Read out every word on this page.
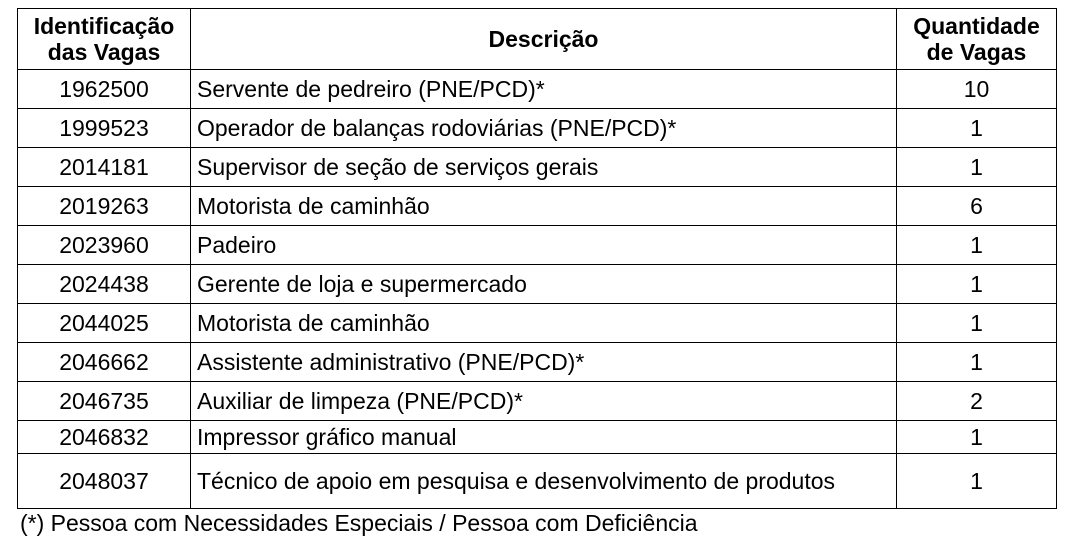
Identificação das Vagas	Descrição	Quantidade de Vagas
1962500	Servente de pedreiro (PNE/PCD)*	10
1999523	Operador de balanças rodoviárias (PNE/PCD)*	1
2014181	Supervisor de seção de serviços gerais	1
2019263	Motorista de caminhão	6
2023960	Padeiro	1
2024438	Gerente de loja e supermercado	1
2044025	Motorista de caminhão	1
2046662	Assistente administrativo (PNE/PCD)*	1
2046735	Auxiliar de limpeza (PNE/PCD)*	2
2046832	Impressor gráfico manual	1
2048037	Técnico de apoio em pesquisa e desenvolvimento de produtos	1
(*) Pessoa com Necessidades Especiais / Pessoa com Deficiência
